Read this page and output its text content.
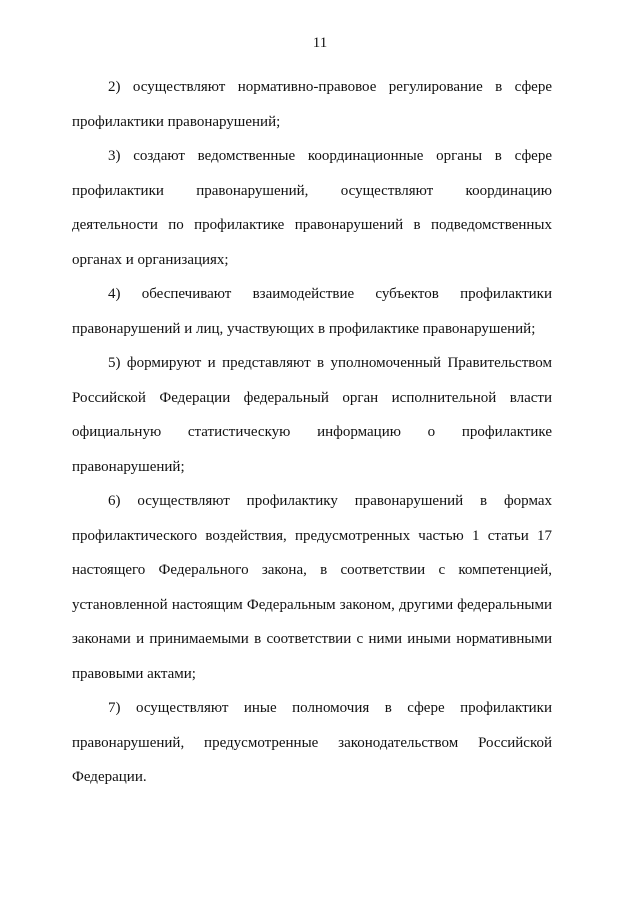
11

2) осуществляют нормативно-правовое регулирование в сфере профилактики правонарушений;

3) создают ведомственные координационные органы в сфере профилактики правонарушений, осуществляют координацию деятельности по профилактике правонарушений в подведомственных органах и организациях;

4) обеспечивают взаимодействие субъектов профилактики правонарушений и лиц, участвующих в профилактике правонарушений;

5) формируют и представляют в уполномоченный Правительством Российской Федерации федеральный орган исполнительной власти официальную статистическую информацию о профилактике правонарушений;

6) осуществляют профилактику правонарушений в формах профилактического воздействия, предусмотренных частью 1 статьи 17 настоящего Федерального закона, в соответствии с компетенцией, установленной настоящим Федеральным законом, другими федеральными законами и принимаемыми в соответствии с ними иными нормативными правовыми актами;

7) осуществляют иные полномочия в сфере профилактики правонарушений, предусмотренные законодательством Российской Федерации.
